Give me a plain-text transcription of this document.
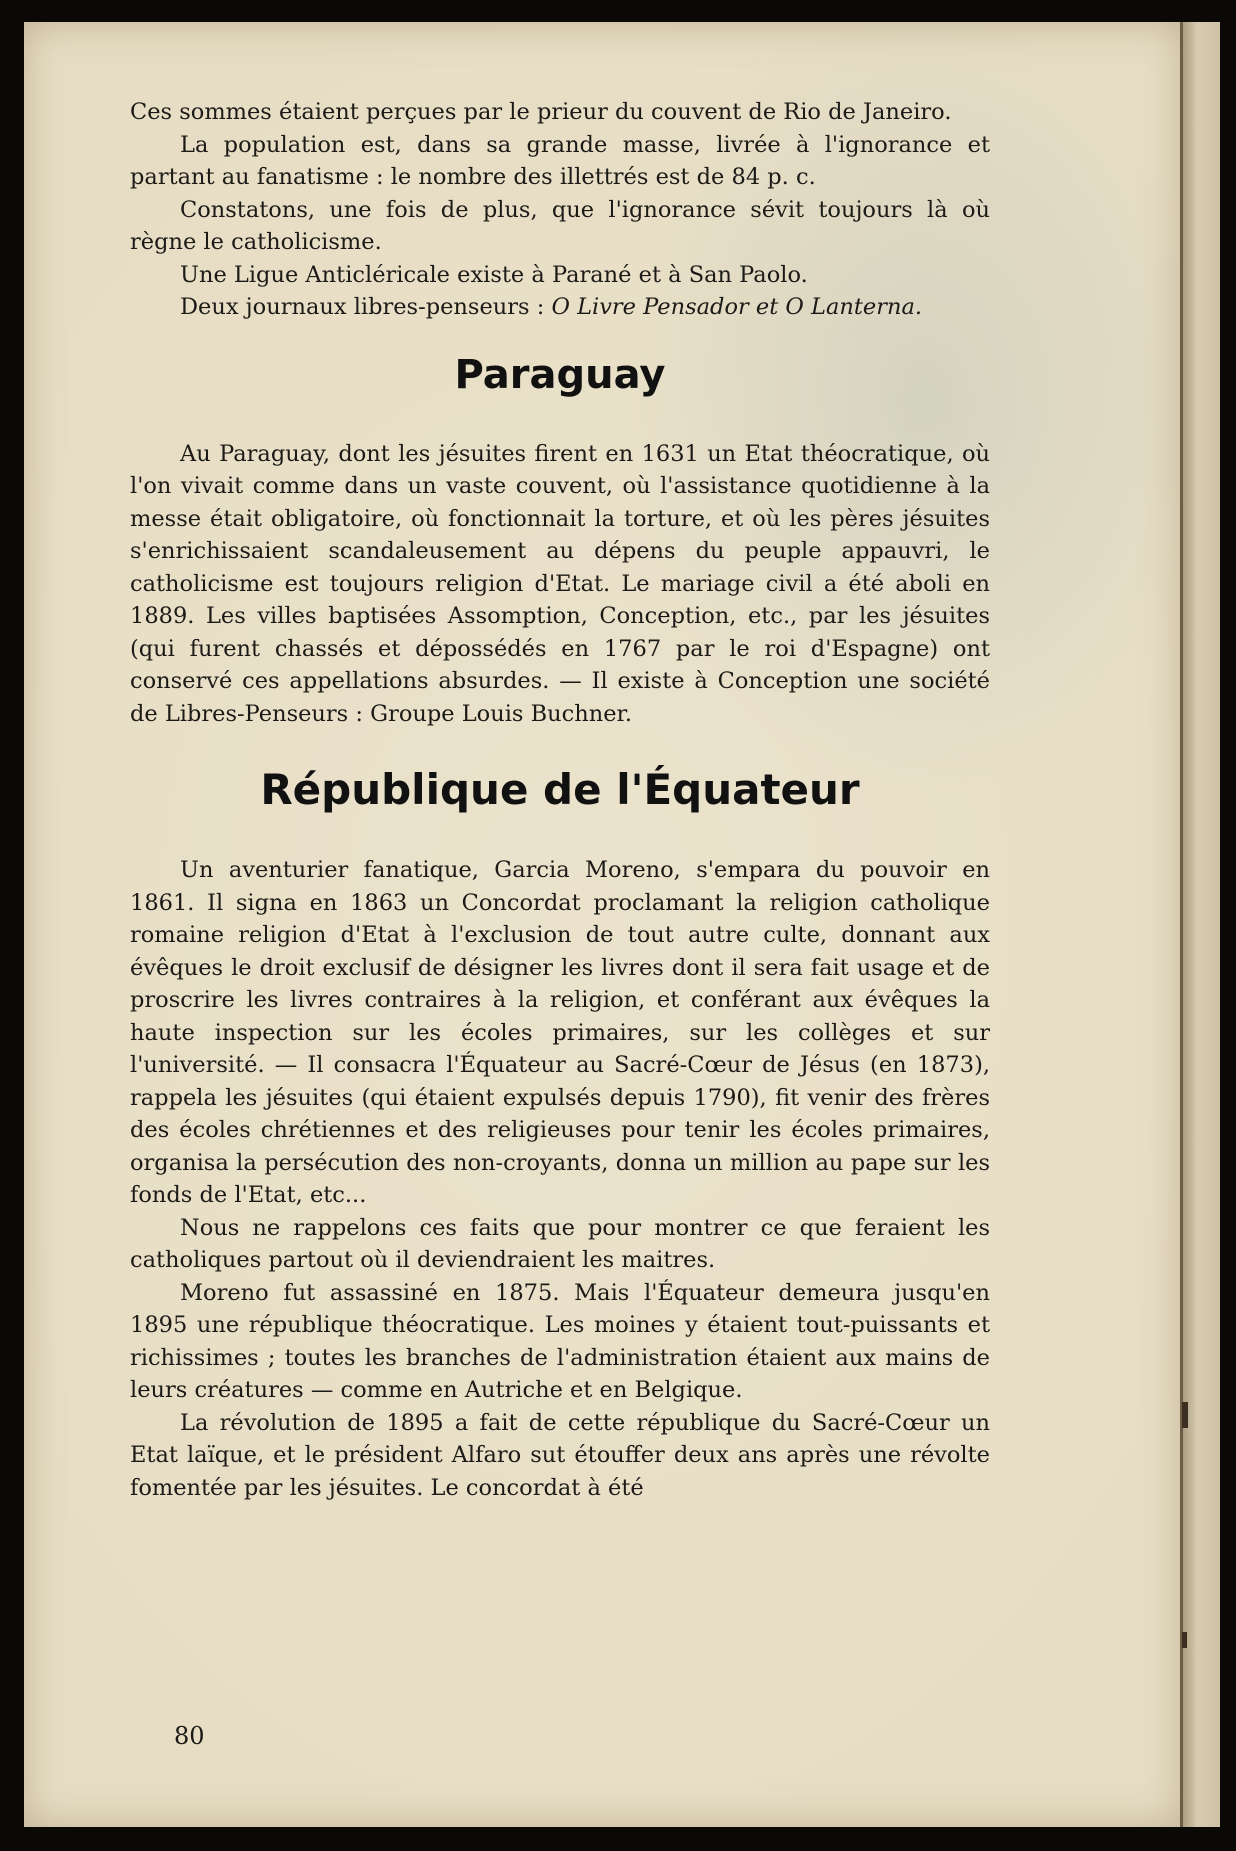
Ces sommes étaient perçues par le prieur du couvent de Rio de Janeiro.

La population est, dans sa grande masse, livrée à l'ignorance et partant au fanatisme : le nombre des illettrés est de 84 p. c.

Constatons, une fois de plus, que l'ignorance sévit toujours là où règne le catholicisme.

Une Ligue Anticléricale existe à Parané et à San Paolo.

Deux journaux libres-penseurs : O Livre Pensador et O Lanterna.

Paraguay

Au Paraguay, dont les jésuites firent en 1631 un Etat théocratique, où l'on vivait comme dans un vaste couvent, où l'assistance quotidienne à la messe était obligatoire, où fonctionnait la torture, et où les pères jésuites s'enrichissaient scandaleusement au dépens du peuple appauvri, le catholicisme est toujours religion d'Etat. Le mariage civil a été aboli en 1889. Les villes baptisées Assomption, Conception, etc., par les jésuites (qui furent chassés et dépossédés en 1767 par le roi d'Espagne) ont conservé ces appellations absurdes. — Il existe à Conception une société de Libres-Penseurs : Groupe Louis Buchner.

République de l'Équateur

Un aventurier fanatique, Garcia Moreno, s'empara du pouvoir en 1861. Il signa en 1863 un Concordat proclamant la religion catholique romaine religion d'Etat à l'exclusion de tout autre culte, donnant aux évêques le droit exclusif de désigner les livres dont il sera fait usage et de proscrire les livres contraires à la religion, et conférant aux évêques la haute inspection sur les écoles primaires, sur les collèges et sur l'université. — Il consacra l'Équateur au Sacré-Cœur de Jésus (en 1873), rappela les jésuites (qui étaient expulsés depuis 1790), fit venir des frères des écoles chrétiennes et des religieuses pour tenir les écoles primaires, organisa la persécution des non-croyants, donna un million au pape sur les fonds de l'Etat, etc...

Nous ne rappelons ces faits que pour montrer ce que feraient les catholiques partout où il deviendraient les maitres.

Moreno fut assassiné en 1875. Mais l'Équateur demeura jusqu'en 1895 une république théocratique. Les moines y étaient tout-puissants et richissimes ; toutes les branches de l'administration étaient aux mains de leurs créatures — comme en Autriche et en Belgique.

La révolution de 1895 a fait de cette république du Sacré-Cœur un Etat laïque, et le président Alfaro sut étouffer deux ans après une révolte fomentée par les jésuites. Le concordat à été

80
